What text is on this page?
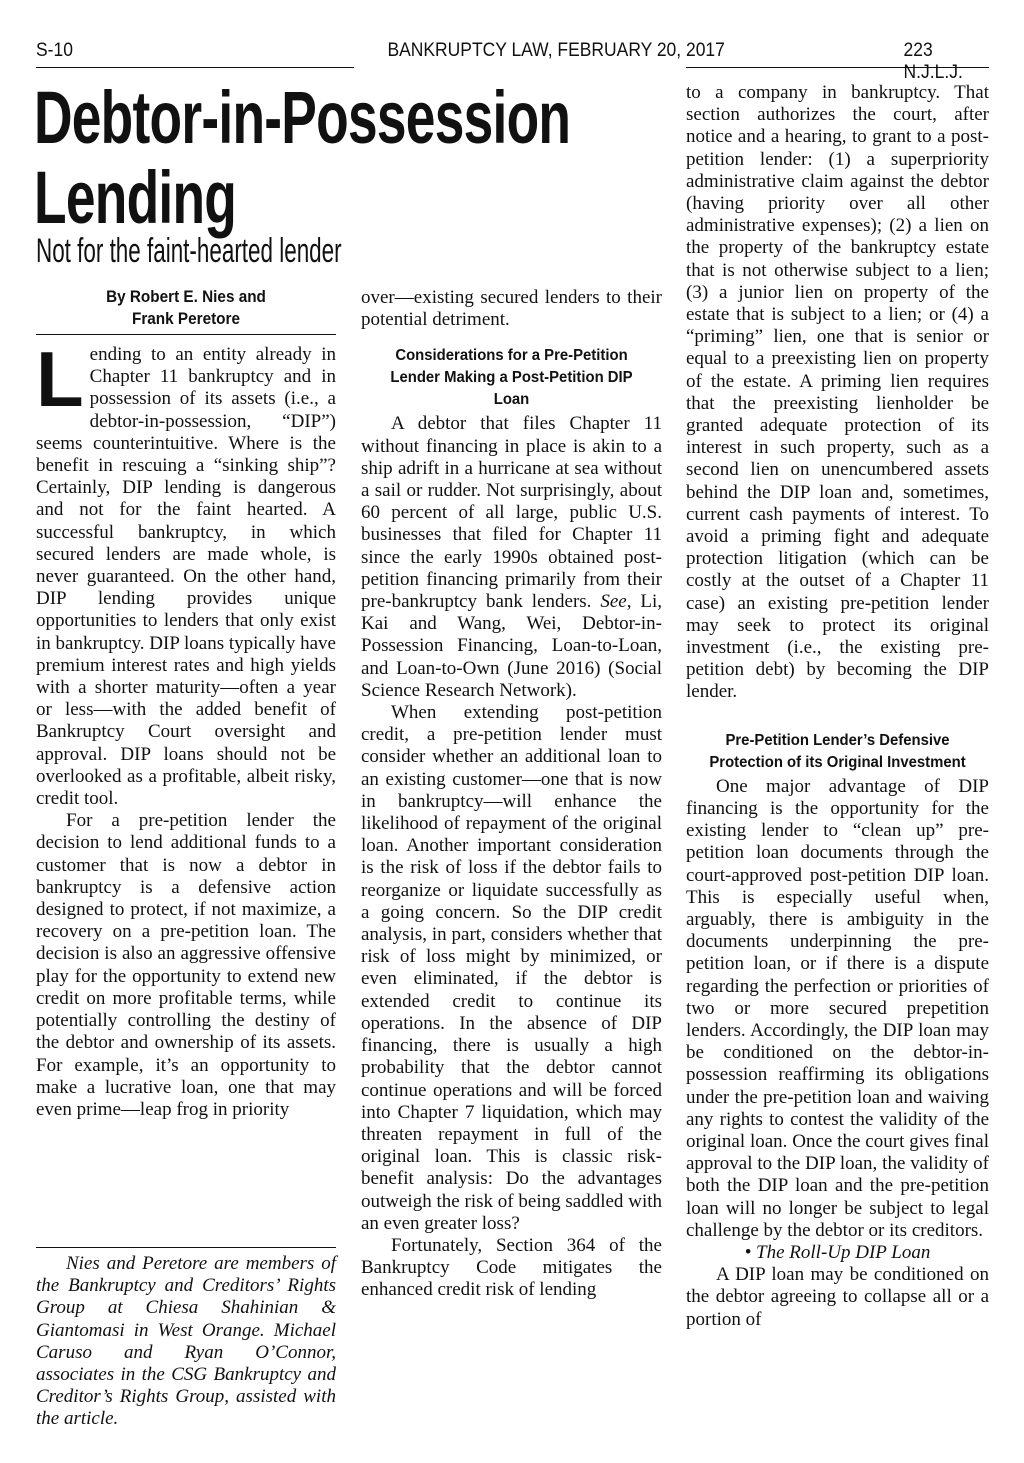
S-10	BANKRUPTCY LAW, FEBRUARY 20, 2017	223 N.J.L.J.
Debtor-in-Possession
Lending
Not for the faint-hearted lender
By Robert E. Nies and
Frank Peretore

Lending to an entity already in Chapter 11 bankruptcy and in possession of its assets (i.e., a debtor-in-possession, “DIP”) seems counterintuitive. Where is the benefit in rescuing a “sinking ship”? Certainly, DIP lending is dangerous and not for the faint hearted. A successful bankruptcy, in which secured lenders are made whole, is never guaranteed. On the other hand, DIP lending provides unique opportunities to lenders that only exist in bankruptcy. DIP loans typically have premium interest rates and high yields with a shorter maturity—often a year or less—with the added benefit of Bankruptcy Court oversight and approval. DIP loans should not be overlooked as a profitable, albeit risky, credit tool.

For a pre-petition lender the decision to lend additional funds to a customer that is now a debtor in bankruptcy is a defensive action designed to protect, if not maximize, a recovery on a pre-petition loan. The decision is also an aggressive offensive play for the opportunity to extend new credit on more profitable terms, while potentially controlling the destiny of the debtor and ownership of its assets. For example, it’s an opportunity to make a lucrative loan, one that may even prime—leap frog in priority

Nies and Peretore are members of the Bankruptcy and Creditors’ Rights Group at Chiesa Shahinian & Giantomasi in West Orange. Michael Caruso and Ryan O’Connor, associates in the CSG Bankruptcy and Creditor’s Rights Group, assisted with the article.

over—existing secured lenders to their potential detriment.

Considerations for a Pre-Petition Lender Making a Post-Petition DIP Loan

A debtor that files Chapter 11 without financing in place is akin to a ship adrift in a hurricane at sea without a sail or rudder. Not surprisingly, about 60 percent of all large, public U.S. businesses that filed for Chapter 11 since the early 1990s obtained post-petition financing primarily from their pre-bankruptcy bank lenders. See, Li, Kai and Wang, Wei, Debtor-in-Possession Financing, Loan-to-Loan, and Loan-to-Own (June 2016) (Social Science Research Network).

When extending post-petition credit, a pre-petition lender must consider whether an additional loan to an existing customer—one that is now in bankruptcy—will enhance the likelihood of repayment of the original loan. Another important consideration is the risk of loss if the debtor fails to reorganize or liquidate successfully as a going concern. So the DIP credit analysis, in part, considers whether that risk of loss might by minimized, or even eliminated, if the debtor is extended credit to continue its operations. In the absence of DIP financing, there is usually a high probability that the debtor cannot continue operations and will be forced into Chapter 7 liquidation, which may threaten repayment in full of the original loan. This is classic risk-benefit analysis: Do the advantages outweigh the risk of being saddled with an even greater loss?

Fortunately, Section 364 of the Bankruptcy Code mitigates the enhanced credit risk of lending

to a company in bankruptcy. That section authorizes the court, after notice and a hearing, to grant to a post-petition lender: (1) a superpriority administrative claim against the debtor (having priority over all other administrative expenses); (2) a lien on the property of the bankruptcy estate that is not otherwise subject to a lien; (3) a junior lien on property of the estate that is subject to a lien; or (4) a “priming” lien, one that is senior or equal to a preexisting lien on property of the estate. A priming lien requires that the preexisting lienholder be granted adequate protection of its interest in such property, such as a second lien on unencumbered assets behind the DIP loan and, sometimes, current cash payments of interest. To avoid a priming fight and adequate protection litigation (which can be costly at the outset of a Chapter 11 case) an existing pre-petition lender may seek to protect its original investment (i.e., the existing pre-petition debt) by becoming the DIP lender.

Pre-Petition Lender’s Defensive Protection of its Original Investment

One major advantage of DIP financing is the opportunity for the existing lender to “clean up” pre-petition loan documents through the court-approved post-petition DIP loan. This is especially useful when, arguably, there is ambiguity in the documents underpinning the pre-petition loan, or if there is a dispute regarding the perfection or priorities of two or more secured prepetition lenders. Accordingly, the DIP loan may be conditioned on the debtor-in-possession reaffirming its obligations under the pre-petition loan and waiving any rights to contest the validity of the original loan. Once the court gives final approval to the DIP loan, the validity of both the DIP loan and the pre-petition loan will no longer be subject to legal challenge by the debtor or its creditors.

• The Roll-Up DIP Loan

A DIP loan may be conditioned on the debtor agreeing to collapse all or a portion of
